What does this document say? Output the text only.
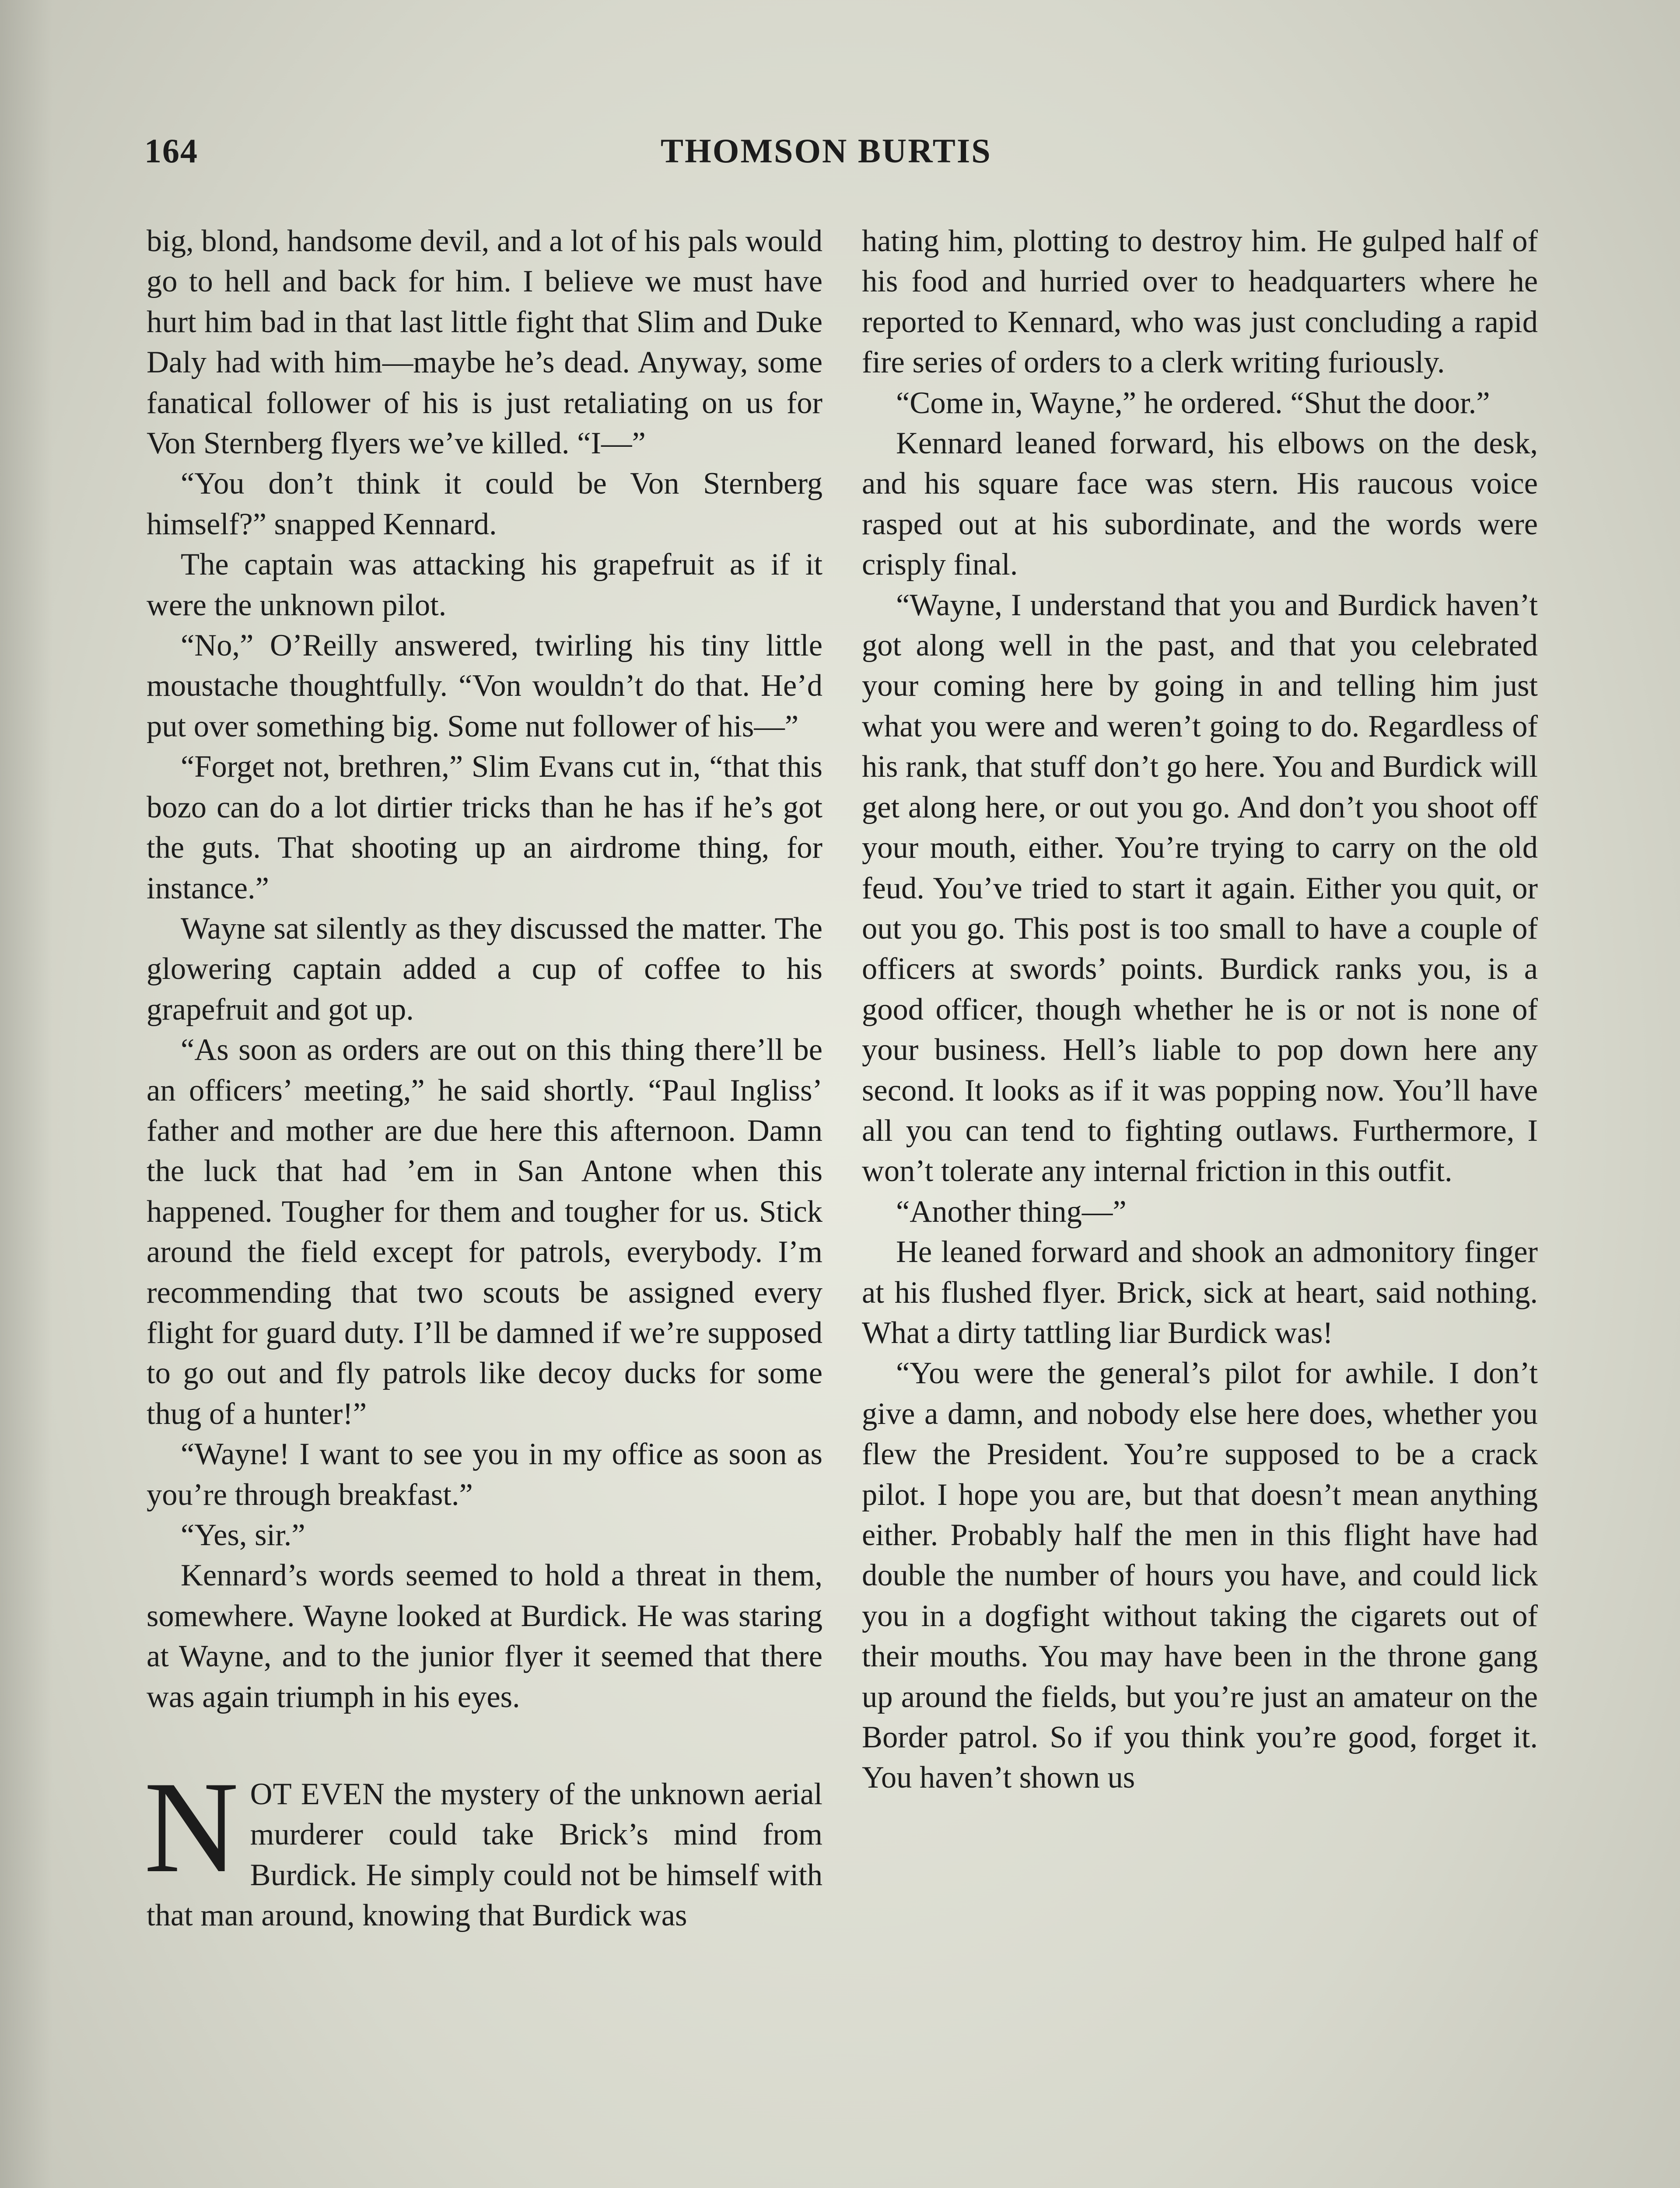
164	THOMSON BURTIS

big, blond, handsome devil, and a lot of his pals would go to hell and back for him. I believe we must have hurt him bad in that last little fight that Slim and Duke Daly had with him—maybe he’s dead. Anyway, some fanatical follower of his is just retaliating on us for Von Sternberg flyers we’ve killed. “I—”

“You don’t think it could be Von Sternberg himself?” snapped Kennard.

The captain was attacking his grapefruit as if it were the unknown pilot.

“No,” O’Reilly answered, twirling his tiny little moustache thoughtfully. “Von wouldn’t do that. He’d put over something big. Some nut follower of his—”

“Forget not, brethren,” Slim Evans cut in, “that this bozo can do a lot dirtier tricks than he has if he’s got the guts. That shooting up an airdrome thing, for instance.”

Wayne sat silently as they discussed the matter. The glowering captain added a cup of coffee to his grapefruit and got up.

“As soon as orders are out on this thing there’ll be an officers’ meeting,” he said shortly. “Paul Ingliss’ father and mother are due here this afternoon. Damn the luck that had ’em in San Antone when this happened. Tougher for them and tougher for us. Stick around the field except for patrols, everybody. I’m recommending that two scouts be assigned every flight for guard duty. I’ll be damned if we’re supposed to go out and fly patrols like decoy ducks for some thug of a hunter!”

“Wayne! I want to see you in my office as soon as you’re through breakfast.”

“Yes, sir.”

Kennard’s words seemed to hold a threat in them, somewhere. Wayne looked at Burdick. He was staring at Wayne, and to the junior flyer it seemed that there was again triumph in his eyes.

NOT EVEN the mystery of the unknown aerial murderer could take Brick’s mind from Burdick. He simply could not be himself with that man around, knowing that Burdick was

hating him, plotting to destroy him. He gulped half of his food and hurried over to headquarters where he reported to Kennard, who was just concluding a rapid fire series of orders to a clerk writing furiously.

“Come in, Wayne,” he ordered. “Shut the door.”

Kennard leaned forward, his elbows on the desk, and his square face was stern. His raucous voice rasped out at his subordinate, and the words were crisply final.

“Wayne, I understand that you and Burdick haven’t got along well in the past, and that you celebrated your coming here by going in and telling him just what you were and weren’t going to do. Regardless of his rank, that stuff don’t go here. You and Burdick will get along here, or out you go. And don’t you shoot off your mouth, either. You’re trying to carry on the old feud. You’ve tried to start it again. Either you quit, or out you go. This post is too small to have a couple of officers at swords’ points. Burdick ranks you, is a good officer, though whether he is or not is none of your business. Hell’s liable to pop down here any second. It looks as if it was popping now. You’ll have all you can tend to fighting outlaws. Furthermore, I won’t tolerate any internal friction in this outfit.

“Another thing—”

He leaned forward and shook an admonitory finger at his flushed flyer. Brick, sick at heart, said nothing. What a dirty tattling liar Burdick was!

“You were the general’s pilot for awhile. I don’t give a damn, and nobody else here does, whether you flew the President. You’re supposed to be a crack pilot. I hope you are, but that doesn’t mean anything either. Probably half the men in this flight have had double the number of hours you have, and could lick you in a dogfight without taking the cigarets out of their mouths. You may have been in the throne gang up around the fields, but you’re just an amateur on the Border patrol. So if you think you’re good, forget it. You haven’t shown us
